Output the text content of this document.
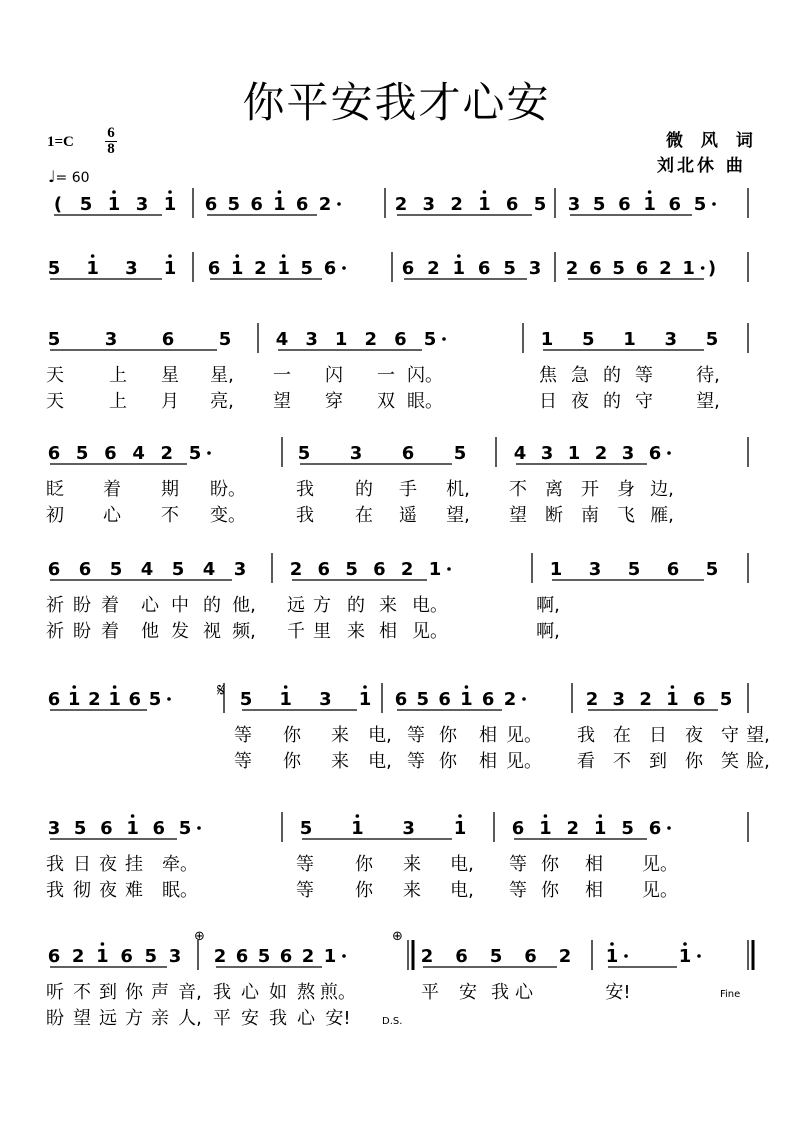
你平安我才心安
微 风 词
刘北休 曲
1=C
6
8
♩= 60
( 5 1 3 1 6 5 6 1 6 2	2 3 2 1 6 5 3 5 6 1 6 5
5 1 3 1 6 1 2 1 5 6	6 2 1 6 5 3 2 6 5 6 2 1 )
5 3 6 5 4 3 1 2 6 5	1 5 1 3 5
6 5 6 4 2 5	5 3 6 5	4 3 1 2 3 6
6 6 5 4 5 4 3 2 6 5 6 2 1	1 3 5 6 5
6 1 2 1 6 5	5 1 3 1 6 5 6 1 6 2	2 3 2 1 6 5
3 5 6 1 6 5	5 1 3 1	6 1 2 1 5 6
6 2 1 6 5 3 2 6 5 6 2 1	2 6 5 6 2 1	1
𝄋
⊕	⊕
Fine
D.S.
天	上 星 星, 一 闪 一 闪。	焦 急 的 等 待,
天	上 月 亮, 望 穿 双 眼。	日 夜 的 守 望,
眨 着 期 盼。	我 的 手 机, 不 离 开 身 边,
初 心 不 变。	我 在 遥 望, 望 断 南 飞 雁,
祈 盼 着 心 中 的 他, 远 方 的 来 电。	啊,
祈 盼 着 他 发 视 频, 千 里 来 相 见。	啊,
等 你 来 电, 等 你 相 见。 我 在 日 夜 守 望,
等 你 来 电, 等 你 相 见。 看 不 到 你 笑 脸,
我 日 夜 挂 牵。	等 你 来 电, 等 你 相 见。
我 彻 夜 难 眠。	等 你 来 电, 等 你 相 见。
听 不 到 你 声 音, 我 心 如 熬 煎。	平 安 我 心	安!
盼 望 远 方 亲 人, 平 安 我 心 安!
